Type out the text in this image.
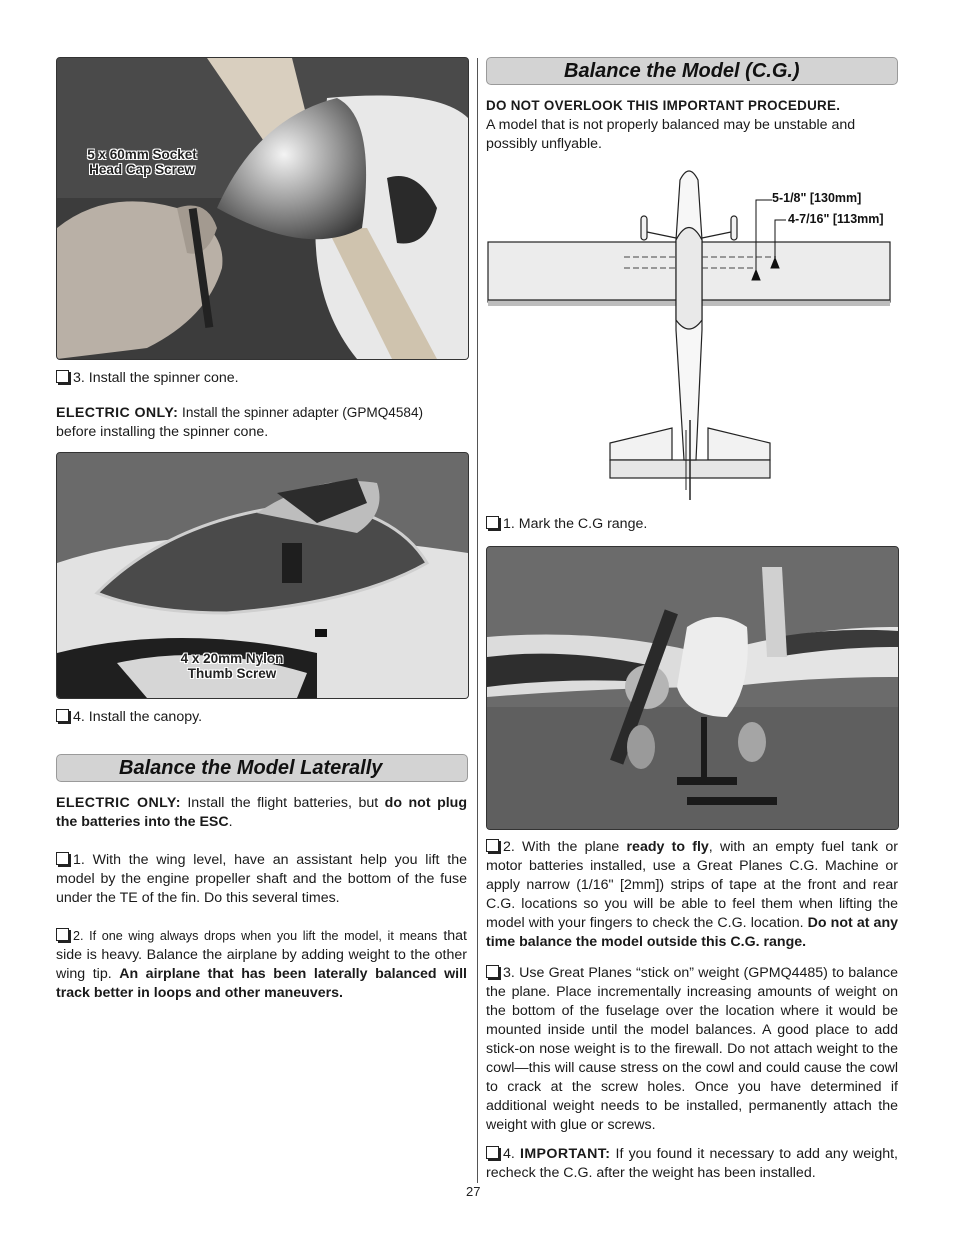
5 x 60mm Socket
Head Cap Screw
3. Install the spinner cone.
ELECTRIC ONLY: Install the spinner adapter (GPMQ4584)
before installing the spinner cone.
4 x 20mm Nylon
Thumb Screw
4. Install the canopy.
Balance the Model Laterally
ELECTRIC ONLY: Install the flight batteries, but do not plug the batteries into the ESC.
1. With the wing level, have an assistant help you lift the model by the engine propeller shaft and the bottom of the fuse under the TE of the fin. Do this several times.
2. If one wing always drops when you lift the model, it means that side is heavy. Balance the airplane by adding weight to the other wing tip. An airplane that has been laterally balanced will track better in loops and other maneuvers.
Balance the Model (C.G.)
DO NOT OVERLOOK THIS IMPORTANT PROCEDURE.
A model that is not properly balanced may be unstable and possibly unflyable.
5-1/8" [130mm]
4-7/16" [113mm]
1. Mark the C.G range.
2. With the plane ready to fly, with an empty fuel tank or motor batteries installed, use a Great Planes C.G. Machine or apply narrow (1/16" [2mm]) strips of tape at the front and rear C.G. locations so you will be able to feel them when lifting the model with your fingers to check the C.G. location. Do not at any time balance the model outside this C.G. range.
3. Use Great Planes “stick on” weight (GPMQ4485) to balance the plane. Place incrementally increasing amounts of weight on the bottom of the fuselage over the location where it would be mounted inside until the model balances. A good place to add stick-on nose weight is to the firewall. Do not attach weight to the cowl—this will cause stress on the cowl and could cause the cowl to crack at the screw holes. Once you have determined if additional weight needs to be installed, permanently attach the weight with glue or screws.
4. IMPORTANT: If you found it necessary to add any weight, recheck the C.G. after the weight has been installed.
27
